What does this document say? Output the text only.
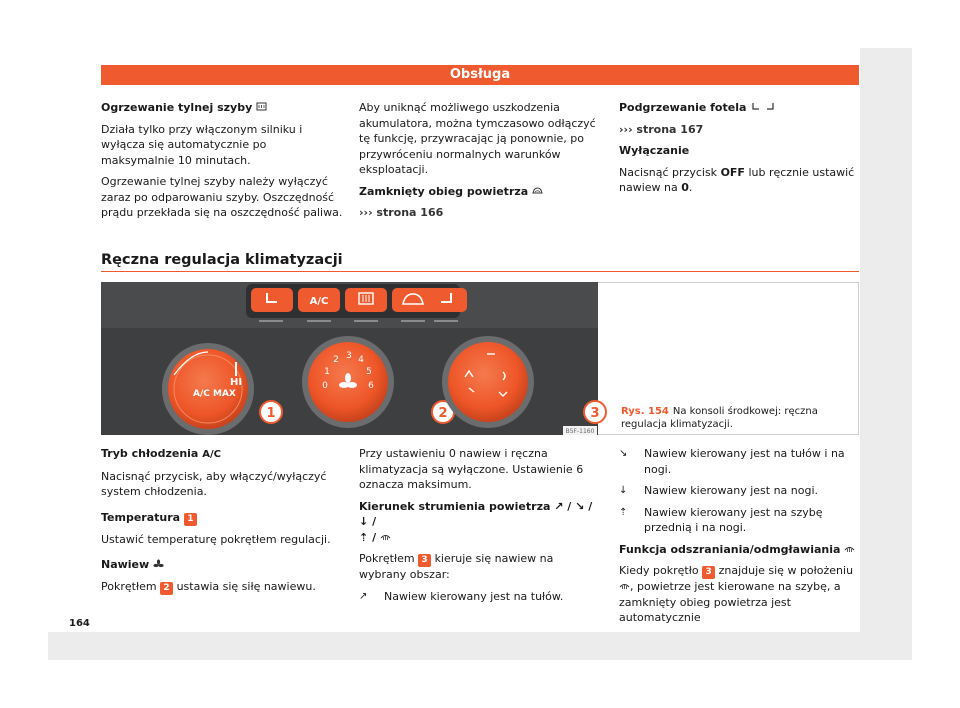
Obsługa
Ogrzewanie tylnej szyby

Działa tylko przy włączonym silniku i wyłącza się automatycznie po maksymalnie 10 minutach.

Ogrzewanie tylnej szyby należy wyłączyć zaraz po odparowaniu szyby. Oszczędność prądu przekłada się na oszczędność paliwa.

Aby uniknąć możliwego uszkodzenia akumulatora, można tymczasowo odłączyć tę funkcję, przywracając ją ponownie, po przywróceniu normalnych warunków eksploatacji.

Zamknięty obieg powietrza

››› strona 166

Podgrzewanie fotela

››› strona 167

Wyłączanie

Nacisnąć przycisk OFF lub ręcznie ustawić nawiew na 0.

Ręczna regulacja klimatyzacji
A/C
A/C MAX
HI
1
0
1
2 3 4
5
6
2	3
B5F-1160
Rys. 154 Na konsoli środkowej: ręczna regulacja klimatyzacji.
Tryb chłodzenia A/C

Nacisnąć przycisk, aby włączyć/wyłączyć system chłodzenia.

Temperatura 1

Ustawić temperaturę pokrętłem regulacji.

Nawiew

Pokrętłem 2 ustawia się siłę nawiewu.

Przy ustawieniu 0 nawiew i ręczna klimatyzacja są wyłączone. Ustawienie 6 oznacza maksimum.

Kierunek strumienia powietrza ↗ / ↘ / ↓ /
⇡ /

Pokrętłem 3 kieruje się nawiew na wybrany obszar:

↗	Nawiew kierowany jest na tułów.
↘	Nawiew kierowany jest na tułów i na nogi.
↓	Nawiew kierowany jest na nogi.
⇡	Nawiew kierowany jest na szybę przednią i na nogi.
Funkcja odszraniania/odmgławiania

Kiedy pokrętło 3 znajduje się w położeniu , powietrze jest kierowane na szybę, a zamknięty obieg powietrza jest automatycznie

164
